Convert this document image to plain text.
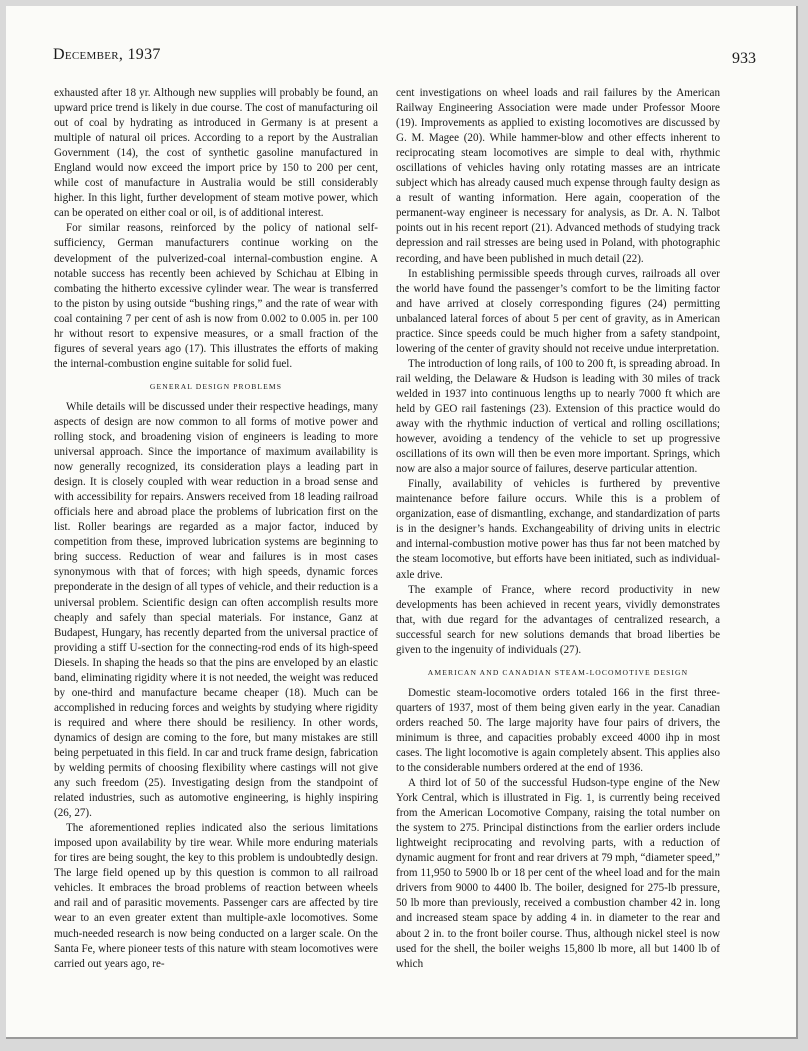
December, 1937	933

exhausted after 18 yr. Although new supplies will probably be found, an upward price trend is likely in due course. The cost of manufacturing oil out of coal by hydrating as introduced in Germany is at present a multiple of natural oil prices. According to a report by the Australian Government (14), the cost of synthetic gasoline manufactured in England would now exceed the import price by 150 to 200 per cent, while cost of manufacture in Australia would be still considerably higher. In this light, further development of steam motive power, which can be operated on either coal or oil, is of additional interest.

For similar reasons, reinforced by the policy of national self-sufficiency, German manufacturers continue working on the development of the pulverized-coal internal-combustion engine. A notable success has recently been achieved by Schichau at Elbing in combating the hitherto excessive cylinder wear. The wear is transferred to the piston by using outside “bushing rings,” and the rate of wear with coal containing 7 per cent of ash is now from 0.002 to 0.005 in. per 100 hr without resort to expensive measures, or a small fraction of the figures of several years ago (17). This illustrates the efforts of making the internal-combustion engine suitable for solid fuel.

GENERAL DESIGN PROBLEMS

While details will be discussed under their respective headings, many aspects of design are now common to all forms of motive power and rolling stock, and broadening vision of engineers is leading to more universal approach. Since the importance of maximum availability is now generally recognized, its consideration plays a leading part in design. It is closely coupled with wear reduction in a broad sense and with accessibility for repairs. Answers received from 18 leading railroad officials here and abroad place the problems of lubrication first on the list. Roller bearings are regarded as a major factor, induced by competition from these, improved lubrication systems are beginning to bring success. Reduction of wear and failures is in most cases synonymous with that of forces; with high speeds, dynamic forces preponderate in the design of all types of vehicle, and their reduction is a universal problem. Scientific design can often accomplish results more cheaply and safely than special materials. For instance, Ganz at Budapest, Hungary, has recently departed from the universal practice of providing a stiff U-section for the connecting-rod ends of its high-speed Diesels. In shaping the heads so that the pins are enveloped by an elastic band, eliminating rigidity where it is not needed, the weight was reduced by one-third and manufacture became cheaper (18). Much can be accomplished in reducing forces and weights by studying where rigidity is required and where there should be resiliency. In other words, dynamics of design are coming to the fore, but many mistakes are still being perpetuated in this field. In car and truck frame design, fabrication by welding permits of choosing flexibility where castings will not give any such freedom (25). Investigating design from the standpoint of related industries, such as automotive engineering, is highly inspiring (26, 27).

The aforementioned replies indicated also the serious limitations imposed upon availability by tire wear. While more enduring materials for tires are being sought, the key to this problem is undoubtedly design. The large field opened up by this question is common to all railroad vehicles. It embraces the broad problems of reaction between wheels and rail and of parasitic movements. Passenger cars are affected by tire wear to an even greater extent than multiple-axle locomotives. Some much-needed research is now being conducted on a larger scale. On the Santa Fe, where pioneer tests of this nature with steam locomotives were carried out years ago, re-

cent investigations on wheel loads and rail failures by the American Railway Engineering Association were made under Professor Moore (19). Improvements as applied to existing locomotives are discussed by G. M. Magee (20). While hammer-blow and other effects inherent to reciprocating steam locomotives are simple to deal with, rhythmic oscillations of vehicles having only rotating masses are an intricate subject which has already caused much expense through faulty design as a result of wanting information. Here again, cooperation of the permanent-way engineer is necessary for analysis, as Dr. A. N. Talbot points out in his recent report (21). Advanced methods of studying track depression and rail stresses are being used in Poland, with photographic recording, and have been published in much detail (22).

In establishing permissible speeds through curves, railroads all over the world have found the passenger’s comfort to be the limiting factor and have arrived at closely corresponding figures (24) permitting unbalanced lateral forces of about 5 per cent of gravity, as in American practice. Since speeds could be much higher from a safety standpoint, lowering of the center of gravity should not receive undue interpretation.

The introduction of long rails, of 100 to 200 ft, is spreading abroad. In rail welding, the Delaware & Hudson is leading with 30 miles of track welded in 1937 into continuous lengths up to nearly 7000 ft which are held by GEO rail fastenings (23). Extension of this practice would do away with the rhythmic induction of vertical and rolling oscillations; however, avoiding a tendency of the vehicle to set up progressive oscillations of its own will then be even more important. Springs, which now are also a major source of failures, deserve particular attention.

Finally, availability of vehicles is furthered by preventive maintenance before failure occurs. While this is a problem of organization, ease of dismantling, exchange, and standardization of parts is in the designer’s hands. Exchangeability of driving units in electric and internal-combustion motive power has thus far not been matched by the steam locomotive, but efforts have been initiated, such as individual-axle drive.

The example of France, where record productivity in new developments has been achieved in recent years, vividly demonstrates that, with due regard for the advantages of centralized research, a successful search for new solutions demands that broad liberties be given to the ingenuity of individuals (27).

AMERICAN AND CANADIAN STEAM-LOCOMOTIVE DESIGN

Domestic steam-locomotive orders totaled 166 in the first three-quarters of 1937, most of them being given early in the year. Canadian orders reached 50. The large majority have four pairs of drivers, the minimum is three, and capacities probably exceed 4000 ihp in most cases. The light locomotive is again completely absent. This applies also to the considerable numbers ordered at the end of 1936.

A third lot of 50 of the successful Hudson-type engine of the New York Central, which is illustrated in Fig. 1, is currently being received from the American Locomotive Company, raising the total number on the system to 275. Principal distinctions from the earlier orders include lightweight reciprocating and revolving parts, with a reduction of dynamic augment for front and rear drivers at 79 mph, “diameter speed,” from 11,950 to 5900 lb or 18 per cent of the wheel load and for the main drivers from 9000 to 4400 lb. The boiler, designed for 275-lb pressure, 50 lb more than previously, received a combustion chamber 42 in. long and increased steam space by adding 4 in. in diameter to the rear and about 2 in. to the front boiler course. Thus, although nickel steel is now used for the shell, the boiler weighs 15,800 lb more, all but 1400 lb of which
